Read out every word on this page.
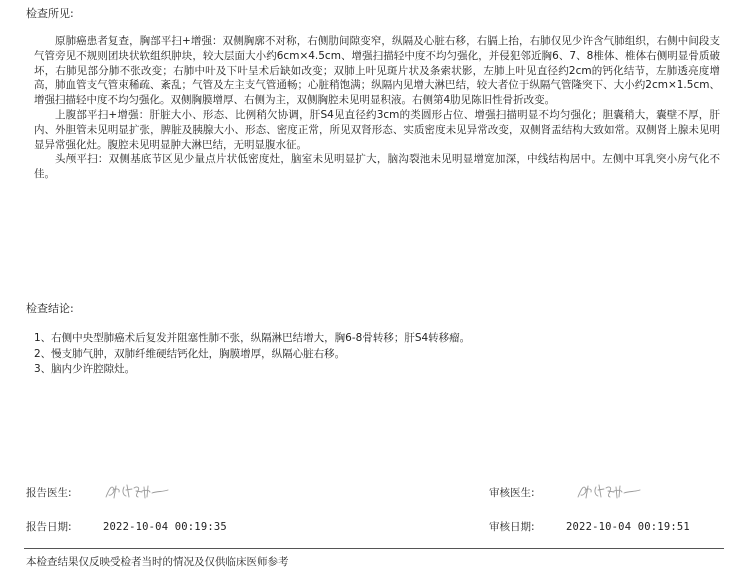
检查所见:

原肺癌患者复查，胸部平扫+增强：双侧胸廓不对称，右侧肋间隙变窄，纵隔及心脏右移，右膈上抬，右肺仅见少许含气肺组织，右侧中间段支气管旁见不规则团块状软组织肿块，较大层面大小约6cm×4.5cm、增强扫描轻中度不均匀强化，并侵犯邻近胸6、7、8椎体、椎体右侧明显骨质破坏，右肺见部分肺不张改变；右肺中叶及下叶呈术后缺如改变；双肺上叶见斑片状及条索状影，左肺上叶见直径约2cm的钙化结节，左肺透亮度增高，肺血管支气管束稀疏、紊乱；气管及左主支气管通畅；心脏稍饱满；纵隔内见增大淋巴结，较大者位于纵隔气管隆突下、大小约2cm×1.5cm、增强扫描轻中度不均匀强化。双侧胸膜增厚、右侧为主，双侧胸腔未见明显积液。右侧第4肋见陈旧性骨折改变。

上腹部平扫+增强：肝脏大小、形态、比例稍欠协调，肝S4见直径约3cm的类圆形占位、增强扫描明显不均匀强化；胆囊稍大，囊壁不厚，肝内、外胆管未见明显扩张，脾脏及胰腺大小、形态、密度正常，所见双肾形态、实质密度未见异常改变，双侧肾盂结构大致如常。双侧肾上腺未见明显异常强化灶。腹腔未见明显肿大淋巴结，无明显腹水征。

头颅平扫：双侧基底节区见少量点片状低密度灶，脑室未见明显扩大，脑沟裂池未见明显增宽加深，中线结构居中。左侧中耳乳突小房气化不佳。

检查结论:
1、右侧中央型肺癌术后复发并阻塞性肺不张，纵隔淋巴结增大，胸6-8骨转移；肝S4转移瘤。
2、慢支肺气肿，双肺纤维硬结钙化灶，胸膜增厚，纵隔心脏右移。
3、脑内少许腔隙灶。
报告医生:	审核医生:
报告日期:	2022-10-04 00:19:35	审核日期:	2022-10-04 00:19:51
本检查结果仅反映受检者当时的情况及仅供临床医师参考
